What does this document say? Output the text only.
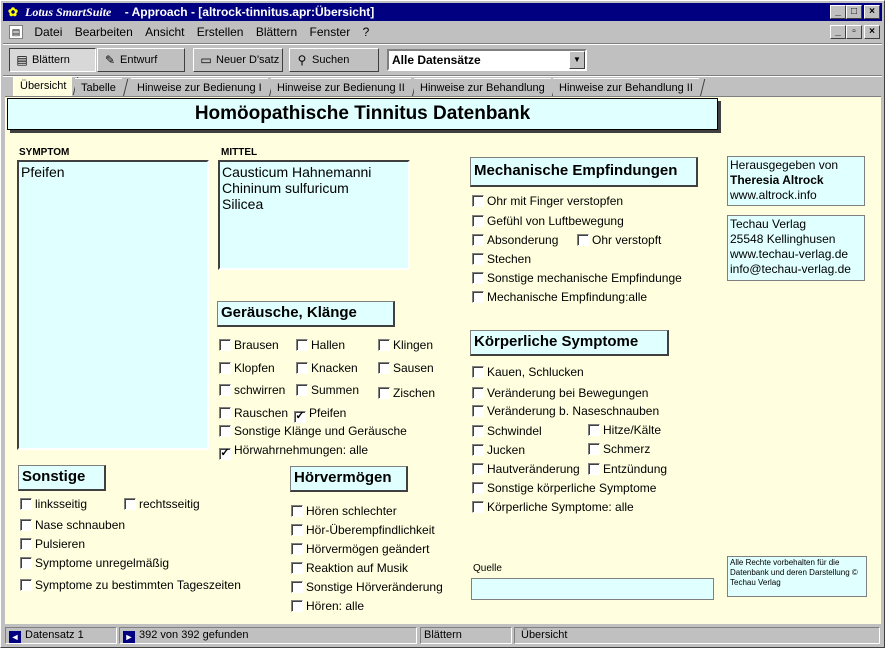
✿ Lotus SmartSuite - Approach - [altrock-tinnitus.apr:Übersicht]	_	□	×
▤ Datei Bearbeiten Ansicht Erstellen Blättern Fenster ?	_	▫	×
▤ Blättern	✎ Entwurf	▭ Neuer D'satz	⚲ Suchen	Alle Datensätze	▼
Übersicht	Tabelle	Hinweise zur Bedienung I	Hinweise zur Bedienung II	Hinweise zur Behandlung	Hinweise zur Behandlung II
Homöopathische Tinnitus Datenbank
SYMPTOM
Pfeifen
MITTEL
Causticum Hahnemanni
Chininum sulfuricum
Silicea
Geräusche, Klänge
Brausen	Hallen	Klingen
Klopfen	Knacken	Sausen
schwirren	Summen	Zischen
Rauschen ✓ Pfeifen
Sonstige Klänge und Geräusche
✓ Hörwahrnehmungen: alle
Sonstige
linksseitig	rechtsseitig
Nase schnauben
Pulsieren
Symptome unregelmäßig
Symptome zu bestimmten Tageszeiten
Hörvermögen
Hören schlechter
Hör-Überempfindlichkeit
Hörvermögen geändert
Reaktion auf Musik
Sonstige Hörveränderung
Hören: alle
Mechanische Empfindungen
Ohr mit Finger verstopfen
Gefühl von Luftbewegung
Absonderung	Ohr verstopft
Stechen
Sonstige mechanische Empfindunge
Mechanische Empfindung:alle
Körperliche Symptome
Kauen, Schlucken
Veränderung bei Bewegungen
Veränderung b. Naseschnauben
Schwindel	Hitze/Kälte
Jucken	Schmerz
Hautveränderung	Entzündung
Sonstige körperliche Symptome
Körperliche Symptome: alle
Quelle
Herausgegeben von
Theresia Altrock
www.altrock.info
Techau Verlag
25548 Kellinghusen
www.techau-verlag.de
info@techau-verlag.de
Alle Rechte vorbehalten für die Datenbank und deren Darstellung © Techau Verlag
◄ Datensatz 1	► 392 von 392 gefunden	Blättern	Übersicht
